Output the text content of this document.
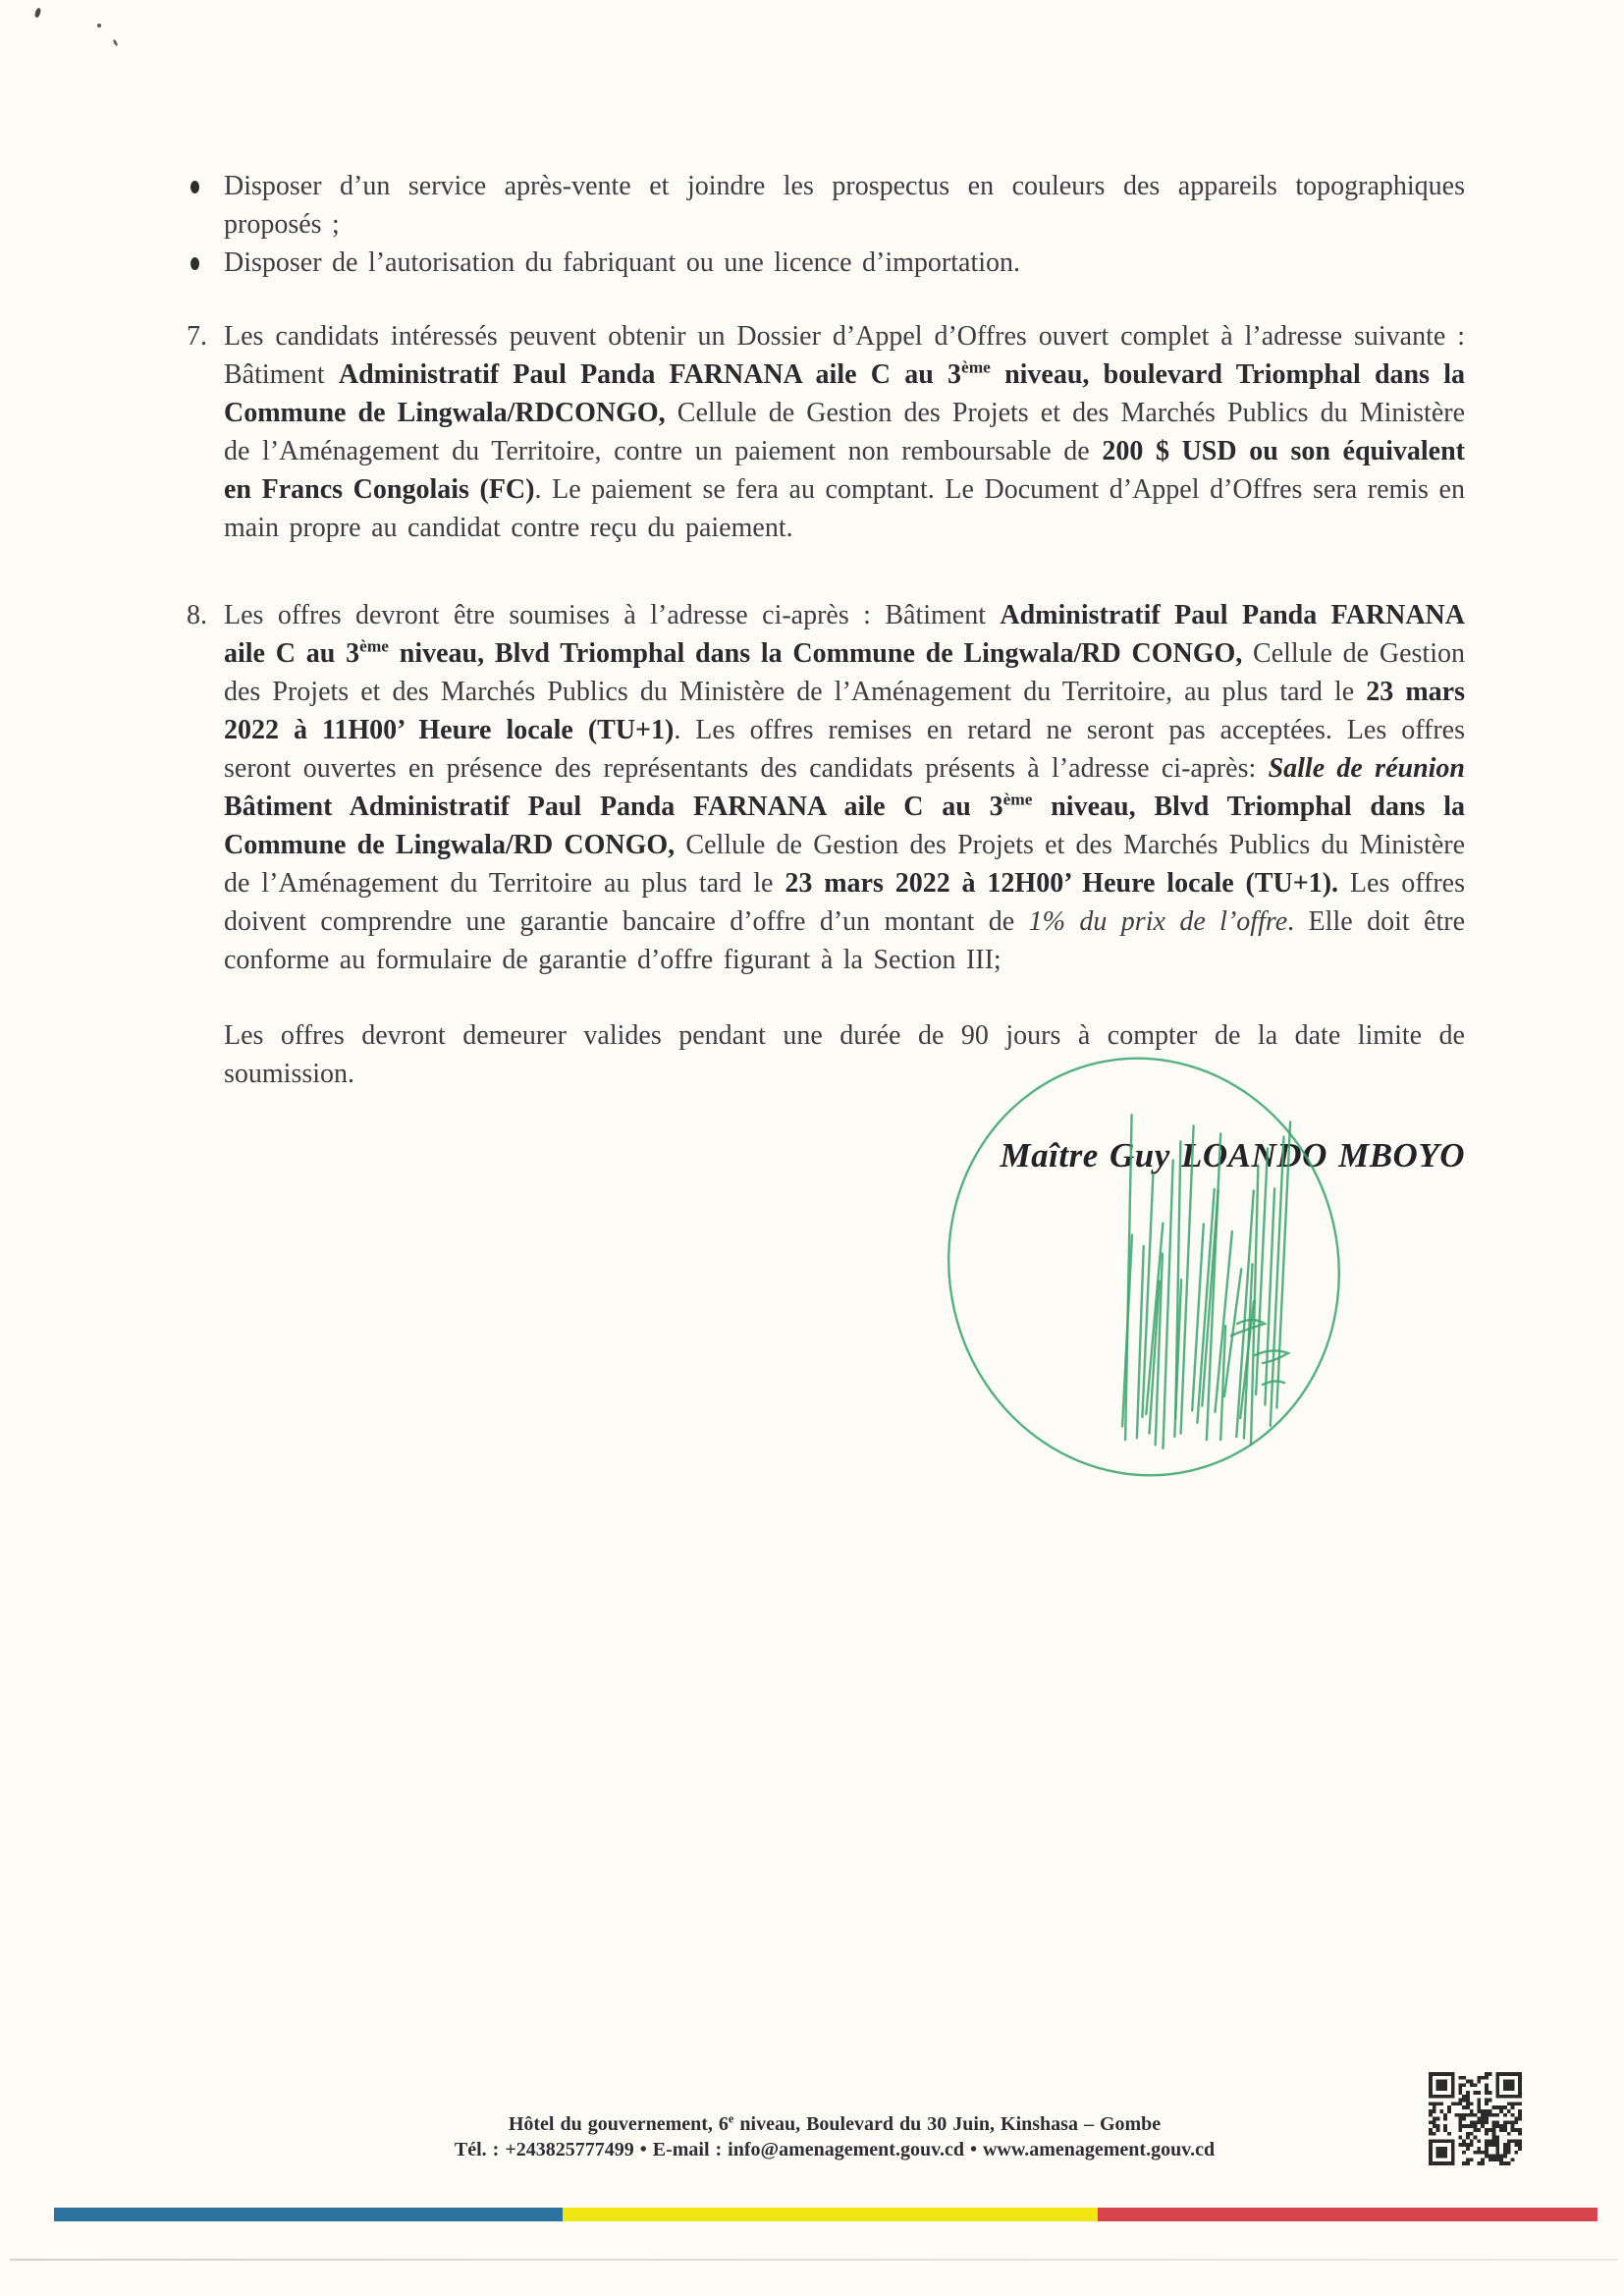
Disposer d’un service après-vente et joindre les prospectus en couleurs des appareils topographiques proposés ;
Disposer de l’autorisation du fabriquant ou une licence d’importation.
7. Les candidats intéressés peuvent obtenir un Dossier d’Appel d’Offres ouvert complet à l’adresse suivante : Bâtiment Administratif Paul Panda FARNANA aile C au 3ème niveau, boulevard Triomphal dans la Commune de Lingwala/RDCONGO, Cellule de Gestion des Projets et des Marchés Publics du Ministère de l’Aménagement du Territoire, contre un paiement non remboursable de 200 $ USD ou son équivalent en Francs Congolais (FC). Le paiement se fera au comptant. Le Document d’Appel d’Offres sera remis en main propre au candidat contre reçu du paiement.
8. Les offres devront être soumises à l’adresse ci-après : Bâtiment Administratif Paul Panda FARNANA aile C au 3ème niveau, Blvd Triomphal dans la Commune de Lingwala/RD CONGO, Cellule de Gestion des Projets et des Marchés Publics du Ministère de l’Aménagement du Territoire, au plus tard le 23 mars 2022 à 11H00’ Heure locale (TU+1). Les offres remises en retard ne seront pas acceptées. Les offres seront ouvertes en présence des représentants des candidats présents à l’adresse ci-après: Salle de réunion Bâtiment Administratif Paul Panda FARNANA aile C au 3ème niveau, Blvd Triomphal dans la Commune de Lingwala/RD CONGO, Cellule de Gestion des Projets et des Marchés Publics du Ministère de l’Aménagement du Territoire au plus tard le 23 mars 2022 à 12H00’ Heure locale (TU+1). Les offres doivent comprendre une garantie bancaire d’offre d’un montant de 1% du prix de l’offre. Elle doit être conforme au formulaire de garantie d’offre figurant à la Section III;
Les offres devront demeurer valides pendant une durée de 90 jours à compter de la date limite de soumission.
Maître Guy LOANDO MBOYO
Hôtel du gouvernement, 6e niveau, Boulevard du 30 Juin, Kinshasa – Gombe
Tél. : +243825777499 • E-mail : info@amenagement.gouv.cd • www.amenagement.gouv.cd
